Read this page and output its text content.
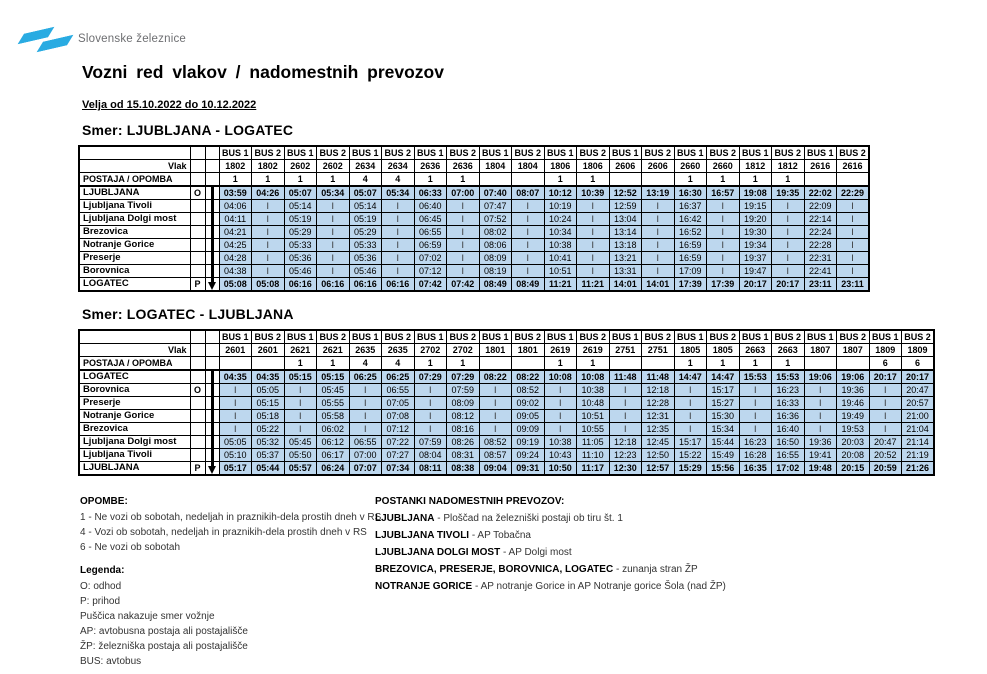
Slovenske železnice
Vozni red vlakov / nadomestnih prevozov
Velja od 15.10.2022 do 10.12.2022
Smer: LJUBLJANA - LOGATEC
			BUS 1	BUS 2	BUS 1	BUS 2	BUS 1	BUS 2	BUS 1	BUS 2	BUS 1	BUS 2	BUS 1	BUS 2	BUS 1	BUS 2	BUS 1	BUS 2	BUS 1	BUS 2	BUS 1	BUS 2
Vlak			1802	1802	2602	2602	2634	2634	2636	2636	1804	1804	1806	1806	2606	2606	2660	2660	1812	1812	2616	2616
POSTAJA / OPOMBA			1	1	1	1	4	4	1	1			1	1			1	1	1	1		
LJUBLJANA	O		03:59	04:26	05:07	05:34	05:07	05:34	06:33	07:00	07:40	08:07	10:12	10:39	12:52	13:19	16:30	16:57	19:08	19:35	22:02	22:29
Ljubljana Tivoli			04:06	I	05:14	I	05:14	I	06:40	I	07:47	I	10:19	I	12:59	I	16:37	I	19:15	I	22:09	I
Ljubljana Dolgi most			04:11	I	05:19	I	05:19	I	06:45	I	07:52	I	10:24	I	13:04	I	16:42	I	19:20	I	22:14	I
Brezovica			04:21	I	05:29	I	05:29	I	06:55	I	08:02	I	10:34	I	13:14	I	16:52	I	19:30	I	22:24	I
Notranje Gorice			04:25	I	05:33	I	05:33	I	06:59	I	08:06	I	10:38	I	13:18	I	16:59	I	19:34	I	22:28	I
Preserje			04:28	I	05:36	I	05:36	I	07:02	I	08:09	I	10:41	I	13:21	I	16:59	I	19:37	I	22:31	I
Borovnica			04:38	I	05:46	I	05:46	I	07:12	I	08:19	I	10:51	I	13:31	I	17:09	I	19:47	I	22:41	I
LOGATEC	P		05:08	05:08	06:16	06:16	06:16	06:16	07:42	07:42	08:49	08:49	11:21	11:21	14:01	14:01	17:39	17:39	20:17	20:17	23:11	23:11
Smer: LOGATEC - LJUBLJANA
			BUS 1	BUS 2	BUS 1	BUS 2	BUS 1	BUS 2	BUS 1	BUS 2	BUS 1	BUS 2	BUS 1	BUS 2	BUS 1	BUS 2	BUS 1	BUS 2	BUS 1	BUS 2	BUS 1	BUS 2	BUS 1	BUS 2
Vlak			2601	2601	2621	2621	2635	2635	2702	2702	1801	1801	2619	2619	2751	2751	1805	1805	2663	2663	1807	1807	1809	1809
POSTAJA / OPOMBA					1	1	4	4	1	1			1	1			1	1	1	1			6	6
LOGATEC			04:35	04:35	05:15	05:15	06:25	06:25	07:29	07:29	08:22	08:22	10:08	10:08	11:48	11:48	14:47	14:47	15:53	15:53	19:06	19:06	20:17	20:17
Borovnica	O		I	05:05	I	05:45	I	06:55	I	07:59	I	08:52	I	10:38	I	12:18	I	15:17	I	16:23	I	19:36	I	20:47
Preserje			I	05:15	I	05:55	I	07:05	I	08:09	I	09:02	I	10:48	I	12:28	I	15:27	I	16:33	I	19:46	I	20:57
Notranje Gorice			I	05:18	I	05:58	I	07:08	I	08:12	I	09:05	I	10:51	I	12:31	I	15:30	I	16:36	I	19:49	I	21:00
Brezovica			I	05:22	I	06:02	I	07:12	I	08:16	I	09:09	I	10:55	I	12:35	I	15:34	I	16:40	I	19:53	I	21:04
Ljubljana Dolgi most			05:05	05:32	05:45	06:12	06:55	07:22	07:59	08:26	08:52	09:19	10:38	11:05	12:18	12:45	15:17	15:44	16:23	16:50	19:36	20:03	20:47	21:14
Ljubljana Tivoli			05:10	05:37	05:50	06:17	07:00	07:27	08:04	08:31	08:57	09:24	10:43	11:10	12:23	12:50	15:22	15:49	16:28	16:55	19:41	20:08	20:52	21:19
LJUBLJANA	P		05:17	05:44	05:57	06:24	07:07	07:34	08:11	08:38	09:04	09:31	10:50	11:17	12:30	12:57	15:29	15:56	16:35	17:02	19:48	20:15	20:59	21:26
OPOMBE:
1 - Ne vozi ob sobotah, nedeljah in praznikih-dela prostih dneh v RS
4 - Vozi ob sobotah, nedeljah in praznikih-dela prostih dneh v RS
6 - Ne vozi ob sobotah
Legenda:
O: odhod
P: prihod
Puščica nakazuje smer vožnje
AP: avtobusna postaja ali postajališče
ŽP: železniška postaja ali postajališče
BUS: avtobus
POSTANKI NADOMESTNIH PREVOZOV:
LJUBLJANA - Ploščad na železniški postaji ob tiru št. 1
LJUBLJANA TIVOLI - AP Tobačna
LJUBLJANA DOLGI MOST - AP Dolgi most
BREZOVICA, PRESERJE, BOROVNICA, LOGATEC - zunanja stran ŽP
NOTRANJE GORICE - AP notranje Gorice in AP Notranje gorice Šola (nad ŽP)
